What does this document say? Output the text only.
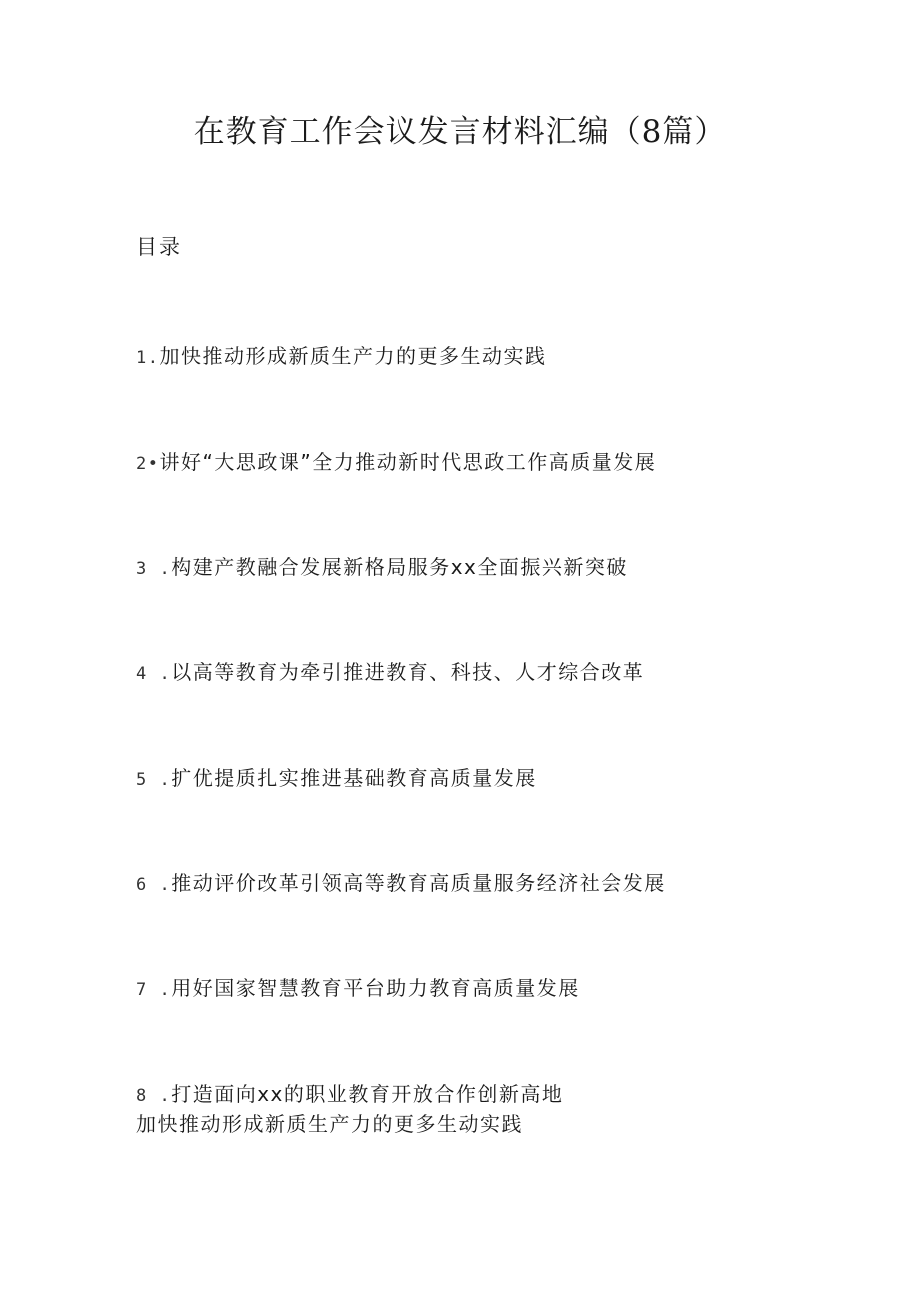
在教育工作会议发言材料汇编（8篇）
目录
1.加快推动形成新质生产力的更多生动实践
2•讲好“大思政课”全力推动新时代思政工作高质量发展
3 .构建产教融合发展新格局服务xx全面振兴新突破
4 .以高等教育为牵引推进教育、科技、人才综合改革
5 .扩优提质扎实推进基础教育高质量发展
6 .推动评价改革引领高等教育高质量服务经济社会发展
7 .用好国家智慧教育平台助力教育高质量发展
8 .打造面向xx的职业教育开放合作创新高地
加快推动形成新质生产力的更多生动实践
